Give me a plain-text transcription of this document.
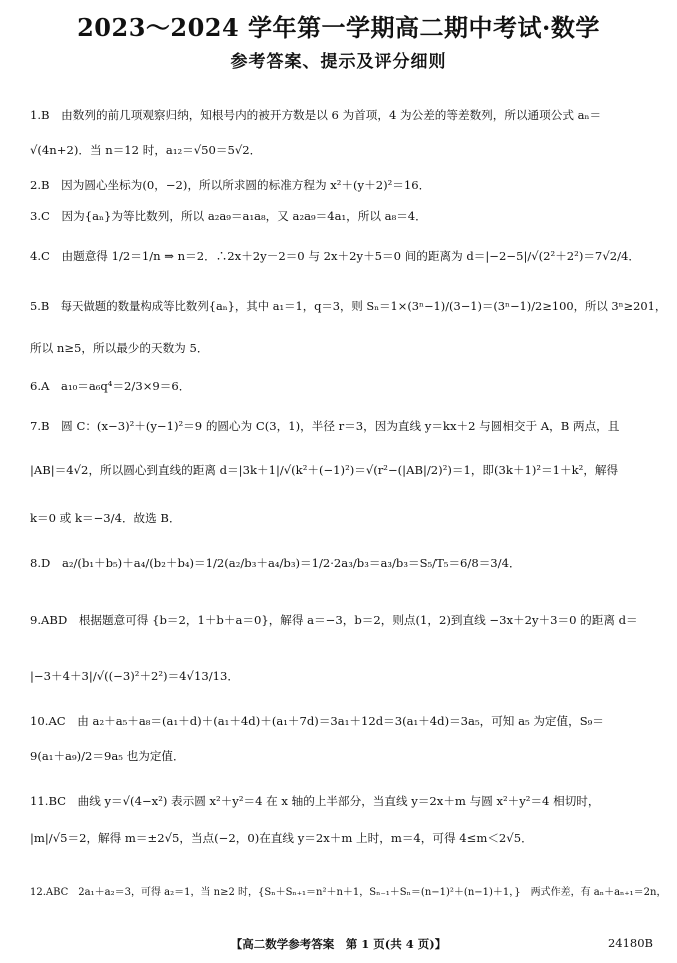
2023～2024 学年第一学期高二期中考试·数学
参考答案、提示及评分细则
1.B　由数列的前几项观察归纳，知根号内的被开方数是以 6 为首项，4 为公差的等差数列，所以通项公式 aₙ＝
√(4n+2)．当 n＝12 时，a₁₂＝√50＝5√2．
2.B　因为圆心坐标为(0，−2)，所以所求圆的标准方程为 x²＋(y＋2)²＝16．
3.C　因为{aₙ}为等比数列，所以 a₂a₉＝a₁a₈，又 a₂a₉＝4a₁，所以 a₈＝4．
4.C　由题意得 1/2＝1/n ⇒ n＝2．∴2x＋2y－2＝0 与 2x＋2y＋5＝0 间的距离为 d＝|−2−5|/√(2²＋2²)＝7√2/4．
5.B　每天做题的数量构成等比数列{aₙ}，其中 a₁＝1，q＝3，则 Sₙ＝1×(3ⁿ−1)/(3−1)＝(3ⁿ−1)/2≥100，所以 3ⁿ≥201，
所以 n≥5，所以最少的天数为 5．
6.A　a₁₀＝a₆q⁴＝2/3×9＝6．
7.B　圆 C：(x−3)²＋(y−1)²＝9 的圆心为 C(3，1)，半径 r＝3，因为直线 y＝kx＋2 与圆相交于 A，B 两点，且
|AB|＝4√2，所以圆心到直线的距离 d＝|3k＋1|/√(k²＋(−1)²)＝√(r²−(|AB|/2)²)＝1，即(3k＋1)²＝1＋k²，解得
k＝0 或 k＝−3/4．故选 B．
8.D　a₂/(b₁＋b₅)＋a₄/(b₂＋b₄)＝1/2(a₂/b₃＋a₄/b₃)＝1/2·2a₃/b₃＝a₃/b₃＝S₅/T₅＝6/8＝3/4．
9.ABD　根据题意可得 {b＝2，1＋b＋a＝0}，解得 a＝−3，b＝2，则点(1，2)到直线 −3x＋2y＋3＝0 的距离 d＝
|−3＋4＋3|/√((−3)²＋2²)＝4√13/13．
10.AC　由 a₂＋a₅＋a₈＝(a₁＋d)＋(a₁＋4d)＋(a₁＋7d)＝3a₁＋12d＝3(a₁＋4d)＝3a₅，可知 a₅ 为定值，S₉＝
9(a₁＋a₉)/2＝9a₅ 也为定值．
11.BC　曲线 y＝√(4−x²) 表示圆 x²＋y²＝4 在 x 轴的上半部分，当直线 y＝2x＋m 与圆 x²＋y²＝4 相切时，
|m|/√5＝2，解得 m＝±2√5，当点(−2，0)在直线 y＝2x＋m 上时，m＝4，可得 4≤m＜2√5．
12.ABC　2a₁＋a₂＝3，可得 a₂＝1，当 n≥2 时，{Sₙ＋Sₙ₊₁＝n²＋n＋1，Sₙ₋₁＋Sₙ＝(n−1)²＋(n−1)＋1，}　两式作差，有 aₙ＋aₙ₊₁＝2n，
【高二数学参考答案　第 1 页(共 4 页)】	24180B
